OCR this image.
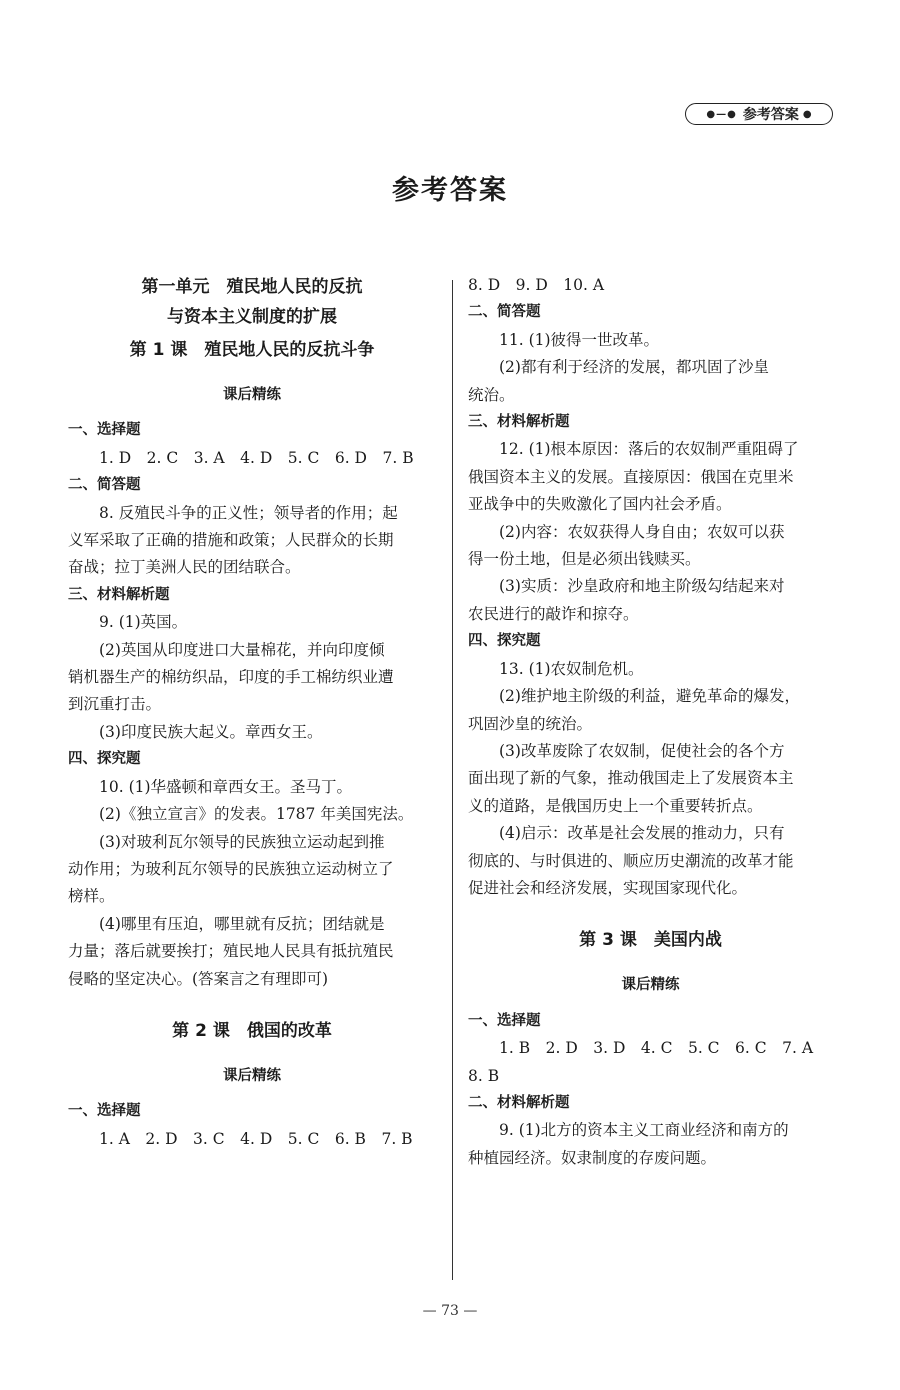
●—● 参考答案 ●
参考答案
第一单元　殖民地人民的反抗
与资本主义制度的扩展
第 1 课　殖民地人民的反抗斗争
课后精练
一、选择题
1. D　2. C　3. A　4. D　5. C　6. D　7. B
二、简答题
8. 反殖民斗争的正义性；领导者的作用；起
义军采取了正确的措施和政策；人民群众的长期
奋战；拉丁美洲人民的团结联合。
三、材料解析题
9. (1)英国。
(2)英国从印度进口大量棉花，并向印度倾
销机器生产的棉纺织品，印度的手工棉纺织业遭
到沉重打击。
(3)印度民族大起义。章西女王。
四、探究题
10. (1)华盛顿和章西女王。圣马丁。
(2)《独立宣言》的发表。1787 年美国宪法。
(3)对玻利瓦尔领导的民族独立运动起到推
动作用；为玻利瓦尔领导的民族独立运动树立了
榜样。
(4)哪里有压迫，哪里就有反抗；团结就是
力量；落后就要挨打；殖民地人民具有抵抗殖民
侵略的坚定决心。(答案言之有理即可)
第 2 课　俄国的改革
课后精练
一、选择题
1. A　2. D　3. C　4. D　5. C　6. B　7. B
8. D　9. D　10. A
二、简答题
11. (1)彼得一世改革。
(2)都有利于经济的发展，都巩固了沙皇
统治。
三、材料解析题
12. (1)根本原因：落后的农奴制严重阻碍了
俄国资本主义的发展。直接原因：俄国在克里米
亚战争中的失败激化了国内社会矛盾。
(2)内容：农奴获得人身自由；农奴可以获
得一份土地，但是必须出钱赎买。
(3)实质：沙皇政府和地主阶级勾结起来对
农民进行的敲诈和掠夺。
四、探究题
13. (1)农奴制危机。
(2)维护地主阶级的利益，避免革命的爆发，
巩固沙皇的统治。
(3)改革废除了农奴制，促使社会的各个方
面出现了新的气象，推动俄国走上了发展资本主
义的道路，是俄国历史上一个重要转折点。
(4)启示：改革是社会发展的推动力，只有
彻底的、与时俱进的、顺应历史潮流的改革才能
促进社会和经济发展，实现国家现代化。
第 3 课　美国内战
课后精练
一、选择题
1. B　2. D　3. D　4. C　5. C　6. C　7. A
8. B
二、材料解析题
9. (1)北方的资本主义工商业经济和南方的
种植园经济。奴隶制度的存废问题。
— 73 —
